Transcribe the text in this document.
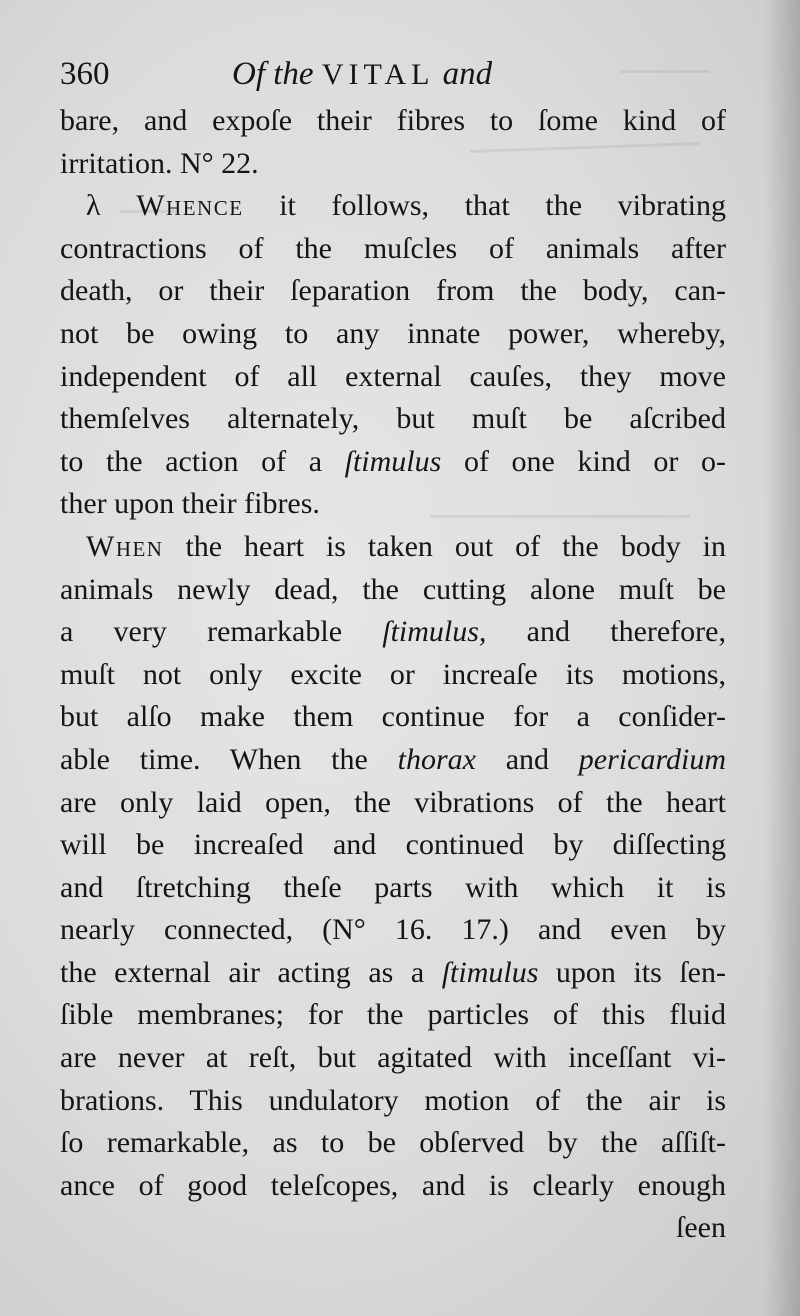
360	Of the VITAL and
bare, and expoſe their fibres to ſome kind of
irritation. N° 22.
λ Whence it follows, that the vibrating
contractions of the muſcles of animals after
death, or their ſeparation from the body, can-
not be owing to any innate power, whereby,
independent of all external cauſes, they move
themſelves alternately, but muſt be aſcribed
to the action of a ſtimulus of one kind or o-
ther upon their fibres.
When the heart is taken out of the body in
animals newly dead, the cutting alone muſt be
a very remarkable ſtimulus, and therefore,
muſt not only excite or increaſe its motions,
but alſo make them continue for a conſider-
able time. When the thorax and pericardium
are only laid open, the vibrations of the heart
will be increaſed and continued by diſſecting
and ſtretching theſe parts with which it is
nearly connected, (N° 16. 17.) and even by
the external air acting as a ſtimulus upon its ſen-
ſible membranes; for the particles of this fluid
are never at reſt, but agitated with inceſſant vi-
brations. This undulatory motion of the air is
ſo remarkable, as to be obſerved by the aſſiſt-
ance of good teleſcopes, and is clearly enough
ſeen
